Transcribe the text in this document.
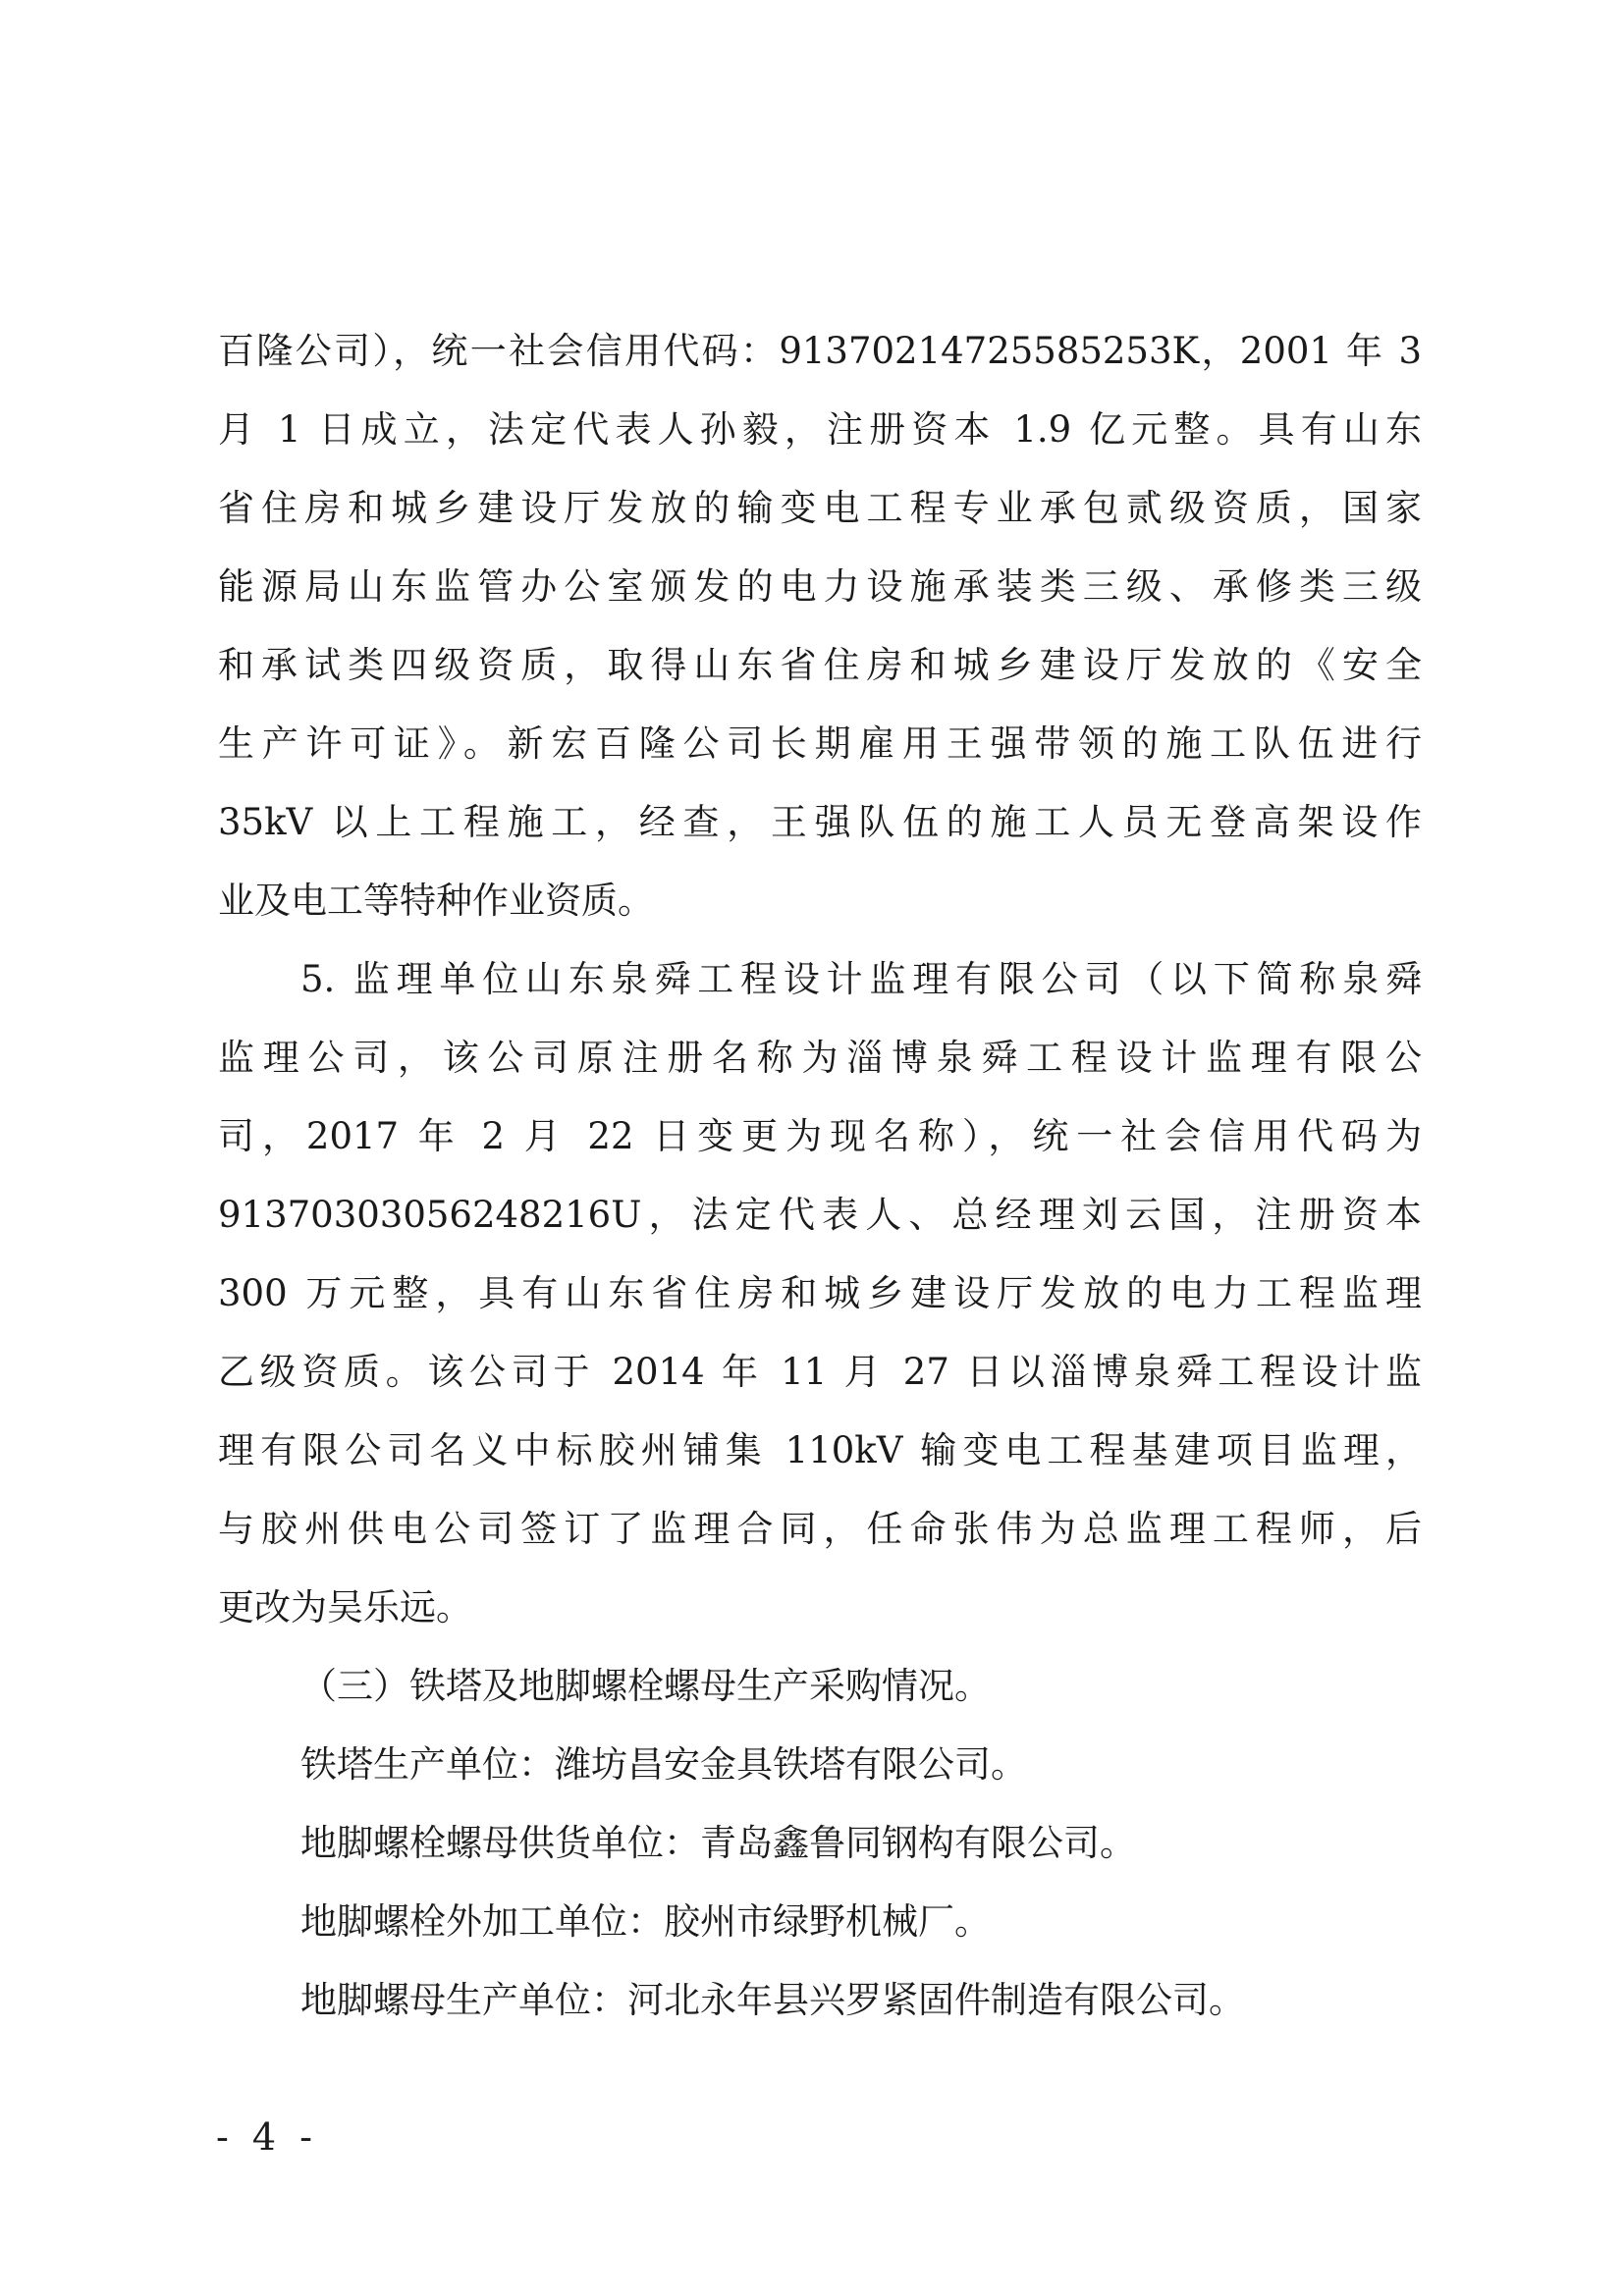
百隆公司），统一社会信用代码：91370214725585253K，2001 年 3
月 1 日成立，法定代表人孙毅，注册资本 1.9 亿元整。具有山东
省住房和城乡建设厅发放的输变电工程专业承包贰级资质，国家
能源局山东监管办公室颁发的电力设施承装类三级、承修类三级
和承试类四级资质，取得山东省住房和城乡建设厅发放的《安全
生产许可证》。新宏百隆公司长期雇用王强带领的施工队伍进行
35kV 以上工程施工，经查，王强队伍的施工人员无登高架设作
业及电工等特种作业资质。
5. 监理单位山东泉舜工程设计监理有限公司（以下简称泉舜
监理公司，该公司原注册名称为淄博泉舜工程设计监理有限公
司，2017 年 2 月 22 日变更为现名称），统一社会信用代码为
91370303056248216U，法定代表人、总经理刘云国，注册资本
300 万元整，具有山东省住房和城乡建设厅发放的电力工程监理
乙级资质。该公司于 2014 年 11 月 27 日以淄博泉舜工程设计监
理有限公司名义中标胶州铺集 110kV 输变电工程基建项目监理，
与胶州供电公司签订了监理合同，任命张伟为总监理工程师，后
更改为吴乐远。
（三）铁塔及地脚螺栓螺母生产采购情况。
铁塔生产单位：潍坊昌安金具铁塔有限公司。
地脚螺栓螺母供货单位：青岛鑫鲁同钢构有限公司。
地脚螺栓外加工单位：胶州市绿野机械厂。
地脚螺母生产单位：河北永年县兴罗紧固件制造有限公司。
- 4 -
